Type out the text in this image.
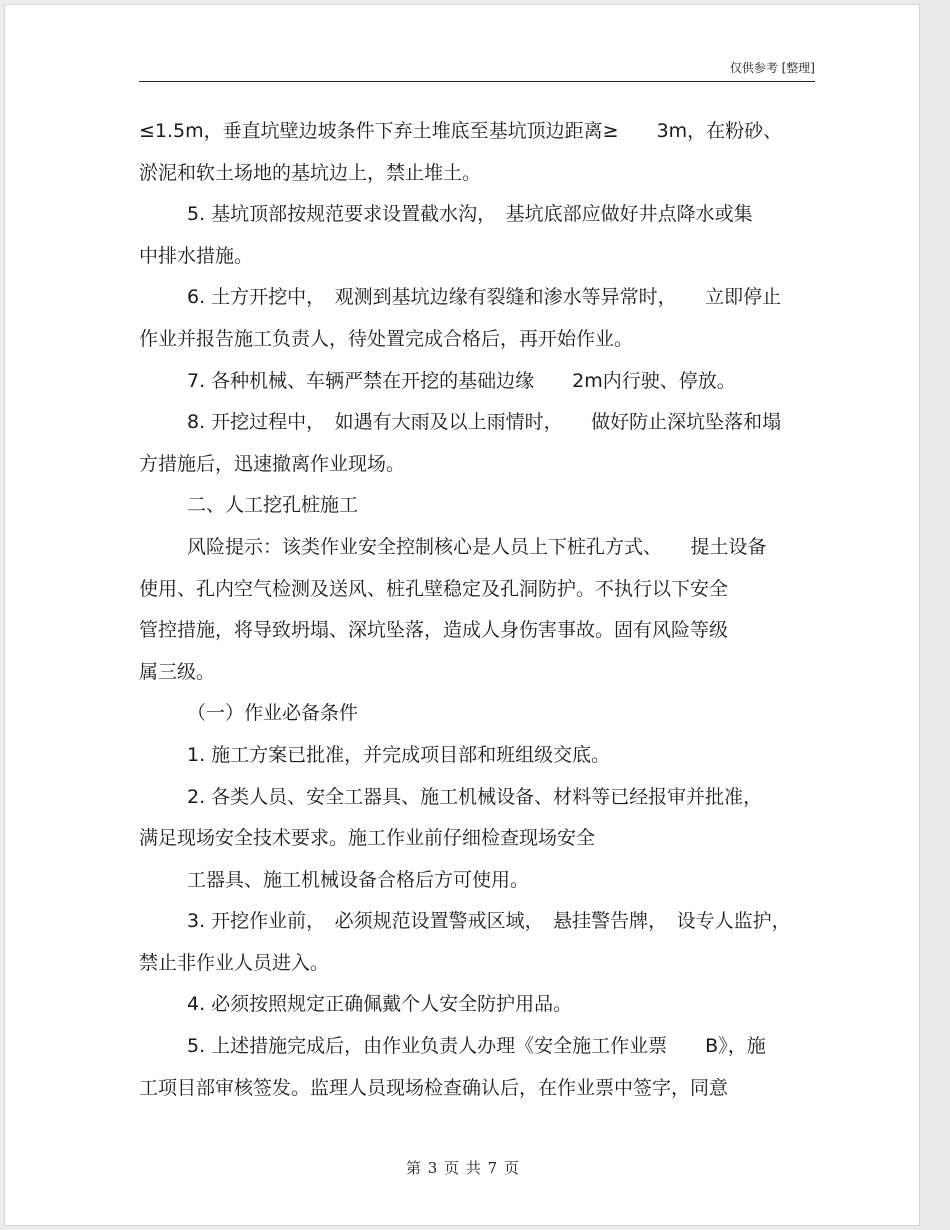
仅供参考 [整理]

≤1.5m，垂直坑壁边坡条件下弃土堆底至基坑顶边距离≥　　3m，在粉砂、

淤泥和软土场地的基坑边上，禁止堆土。

5. 基坑顶部按规范要求设置截水沟，　基坑底部应做好井点降水或集

中排水措施。

6. 土方开挖中，　观测到基坑边缘有裂缝和渗水等异常时，　　立即停止

作业并报告施工负责人，待处置完成合格后，再开始作业。

7. 各种机械、车辆严禁在开挖的基础边缘　　2m内行驶、停放。

8. 开挖过程中，　如遇有大雨及以上雨情时，　　做好防止深坑坠落和塌

方措施后，迅速撤离作业现场。

二、人工挖孔桩施工

风险提示：该类作业安全控制核心是人员上下桩孔方式、　　提土设备

使用、孔内空气检测及送风、桩孔壁稳定及孔洞防护。不执行以下安全

管控措施，将导致坍塌、深坑坠落，造成人身伤害事故。固有风险等级

属三级。

（一）作业必备条件

1. 施工方案已批准，并完成项目部和班组级交底。

2. 各类人员、安全工器具、施工机械设备、材料等已经报审并批准，

满足现场安全技术要求。施工作业前仔细检查现场安全

工器具、施工机械设备合格后方可使用。

3. 开挖作业前，　必须规范设置警戒区域，　悬挂警告牌，　设专人监护，

禁止非作业人员进入。

4. 必须按照规定正确佩戴个人安全防护用品。

5. 上述措施完成后，由作业负责人办理《安全施工作业票　　B》，施

工项目部审核签发。监理人员现场检查确认后，在作业票中签字，同意

第 3 页 共 7 页
